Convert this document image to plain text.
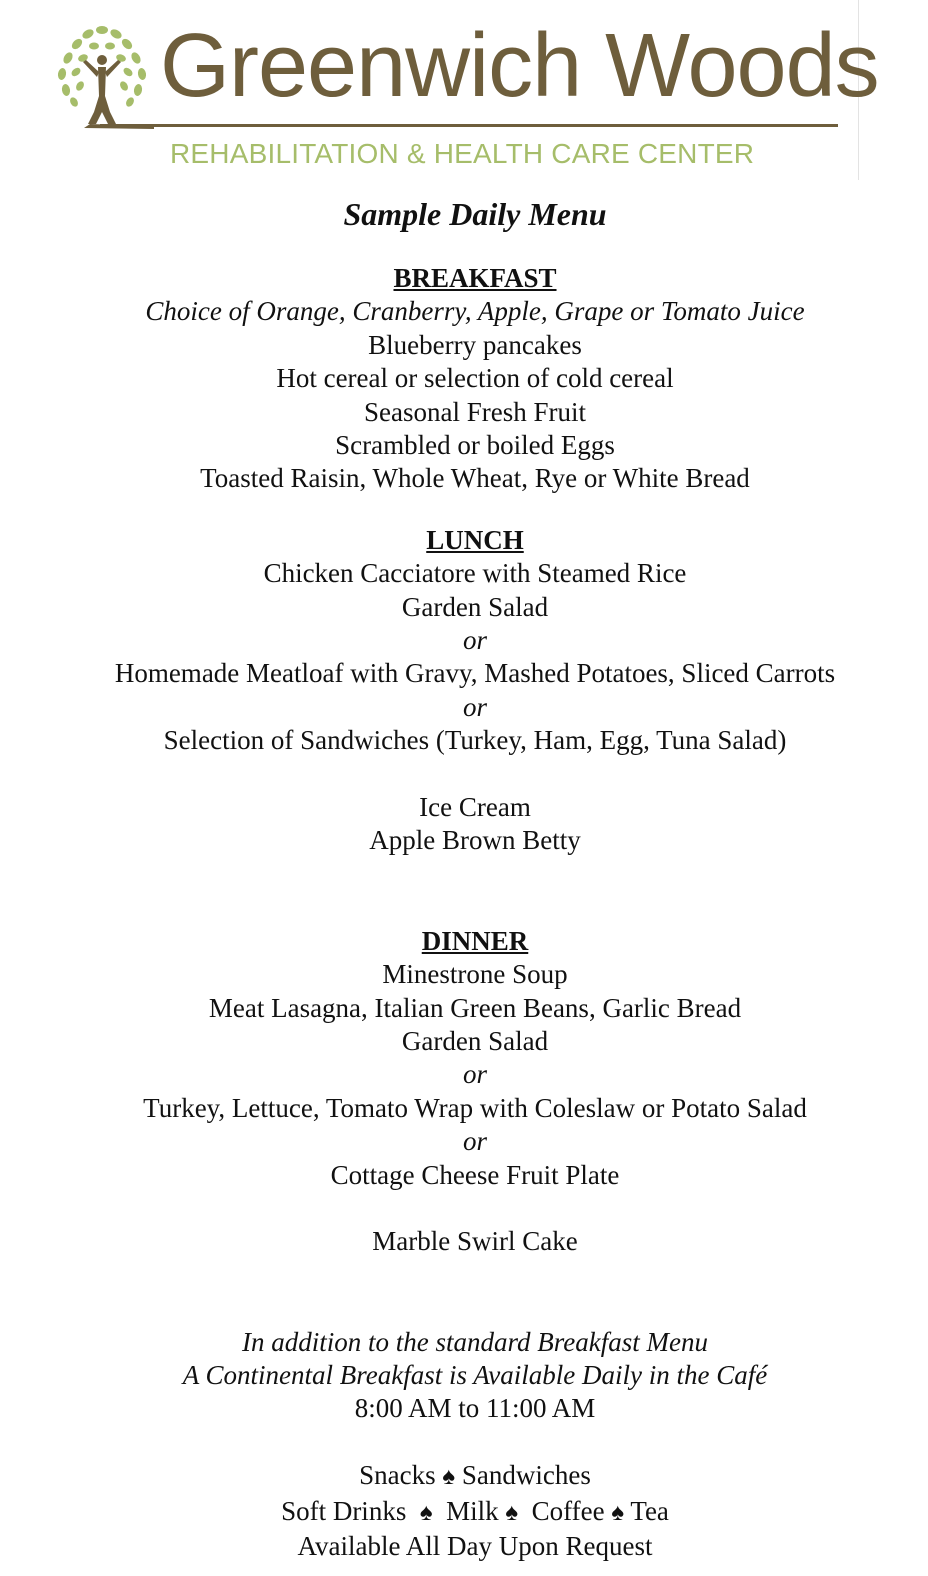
Greenwich Woods
REHABILITATION & HEALTH CARE CENTER
Sample Daily Menu
BREAKFAST
Choice of Orange, Cranberry, Apple, Grape or Tomato Juice
Blueberry pancakes
Hot cereal or selection of cold cereal
Seasonal Fresh Fruit
Scrambled or boiled Eggs
Toasted Raisin, Whole Wheat, Rye or White Bread
LUNCH
Chicken Cacciatore with Steamed Rice
Garden Salad
or
Homemade Meatloaf with Gravy, Mashed Potatoes, Sliced Carrots
or
Selection of Sandwiches (Turkey, Ham, Egg, Tuna Salad)
Ice Cream
Apple Brown Betty
DINNER
Minestrone Soup
Meat Lasagna, Italian Green Beans, Garlic Bread
Garden Salad
or
Turkey, Lettuce, Tomato Wrap with Coleslaw or Potato Salad
or
Cottage Cheese Fruit Plate
Marble Swirl Cake
In addition to the standard Breakfast Menu
A Continental Breakfast is Available Daily in the Café
8:00 AM to 11:00 AM
Snacks ♠ Sandwiches
Soft Drinks ♠ Milk ♠ Coffee ♠ Tea
Available All Day Upon Request
